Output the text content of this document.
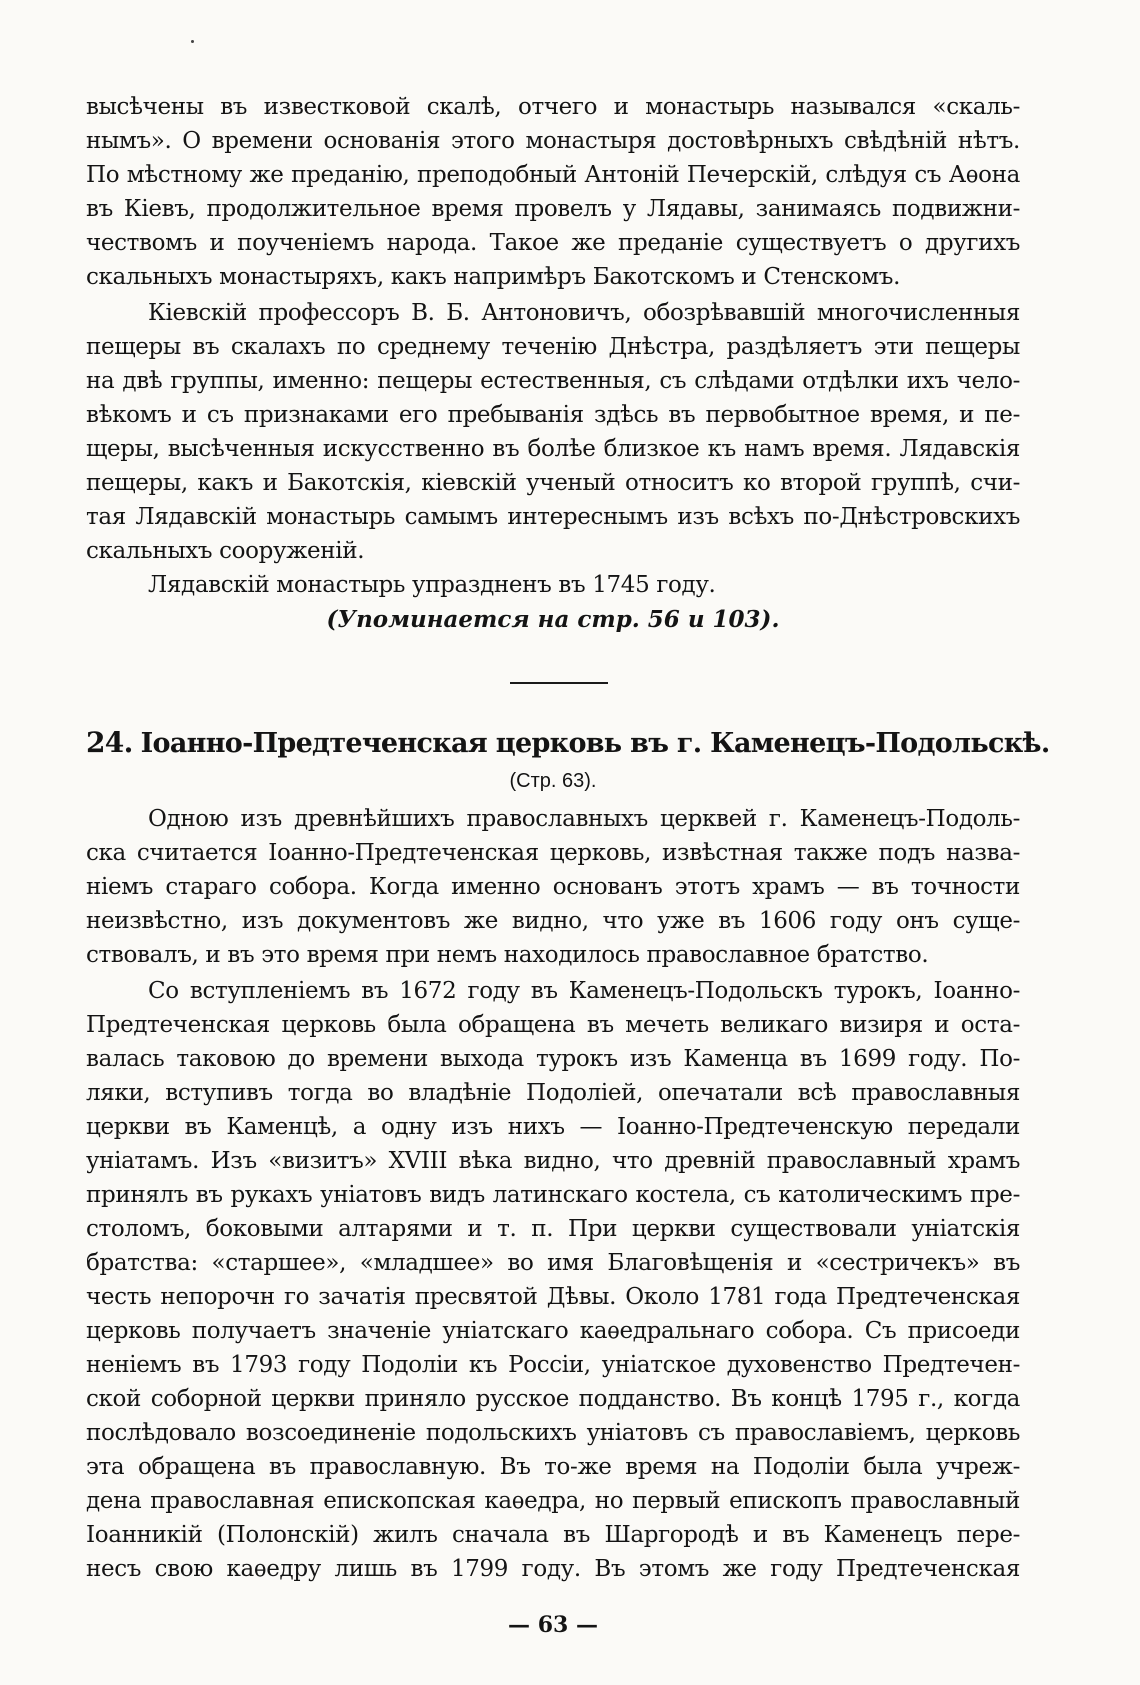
высѣчены въ известковой скалѣ, отчего и монастырь назывался «скаль-
нымъ». О времени основанія этого монастыря достовѣрныхъ свѣдѣній нѣтъ.
По мѣстному же преданію, преподобный Антоній Печерскій, слѣдуя съ Аѳона
въ Кіевъ, продолжительное время провелъ у Лядавы, занимаясь подвижни-
чествомъ и поученіемъ народа. Такое же преданіе существуетъ о другихъ
скальныхъ монастыряхъ, какъ напримѣръ Бакотскомъ и Стенскомъ.
Кіевскій профессоръ В. Б. Антоновичъ, обозрѣвавшій многочисленныя
пещеры въ скалахъ по среднему теченію Днѣстра, раздѣляетъ эти пещеры
на двѣ группы, именно: пещеры естественныя, съ слѣдами отдѣлки ихъ чело-
вѣкомъ и съ признаками его пребыванія здѣсь въ первобытное время, и пе-
щеры, высѣченныя искусственно въ болѣе близкое къ намъ время. Лядавскія
пещеры, какъ и Бакотскія, кіевскій ученый относитъ ко второй группѣ, счи-
тая Лядавскій монастырь самымъ интереснымъ изъ всѣхъ по-Днѣстровскихъ
скальныхъ сооруженій.
Лядавскій монастырь упраздненъ въ 1745 году.
(Упоминается на стр. 56 и 103).
24. Іоанно-Предтеченская церковь въ г. Каменецъ-Подольскѣ.
(Стр. 63).
Одною изъ древнѣйшихъ православныхъ церквей г. Каменецъ-Подоль-
ска считается Іоанно-Предтеченская церковь, извѣстная также подъ назва-
ніемъ стараго собора. Когда именно основанъ этотъ храмъ — въ точности
неизвѣстно, изъ документовъ же видно, что уже въ 1606 году онъ суще-
ствовалъ, и въ это время при немъ находилось православное братство.
Со вступленіемъ въ 1672 году въ Каменецъ-Подольскъ турокъ, Іоанно-
Предтеченская церковь была обращена въ мечеть великаго визиря и оста-
валась таковою до времени выхода турокъ изъ Каменца въ 1699 году. По-
ляки, вступивъ тогда во владѣніе Подоліей, опечатали всѣ православныя
церкви въ Каменцѣ, а одну изъ нихъ — Іоанно-Предтеченскую передали
уніатамъ. Изъ «визитъ» XVIII вѣка видно, что древній православный храмъ
принялъ въ рукахъ уніатовъ видъ латинскаго костела, съ католическимъ пре-
столомъ, боковыми алтарями и т. п. При церкви существовали уніатскія
братства: «старшее», «младшее» во имя Благовѣщенія и «сестричекъ» въ
честь непорочн го зачатія пресвятой Дѣвы. Около 1781 года Предтеченская
церковь получаетъ значеніе уніатскаго каѳедральнаго собора. Съ присоеди
неніемъ въ 1793 году Подоліи къ Россіи, уніатское духовенство Предтечен-
ской соборной церкви приняло русское подданство. Въ концѣ 1795 г., когда
послѣдовало возсоединеніе подольскихъ уніатовъ съ православіемъ, церковь
эта обращена въ православную. Въ то-же время на Подоліи была учреж-
дена православная епископская каѳедра, но первый епископъ православный
Іоанникій (Полонскій) жилъ сначала въ Шаргородѣ и въ Каменецъ пере-
несъ свою каѳедру лишь въ 1799 году. Въ этомъ же году Предтеченская
— 63 —
